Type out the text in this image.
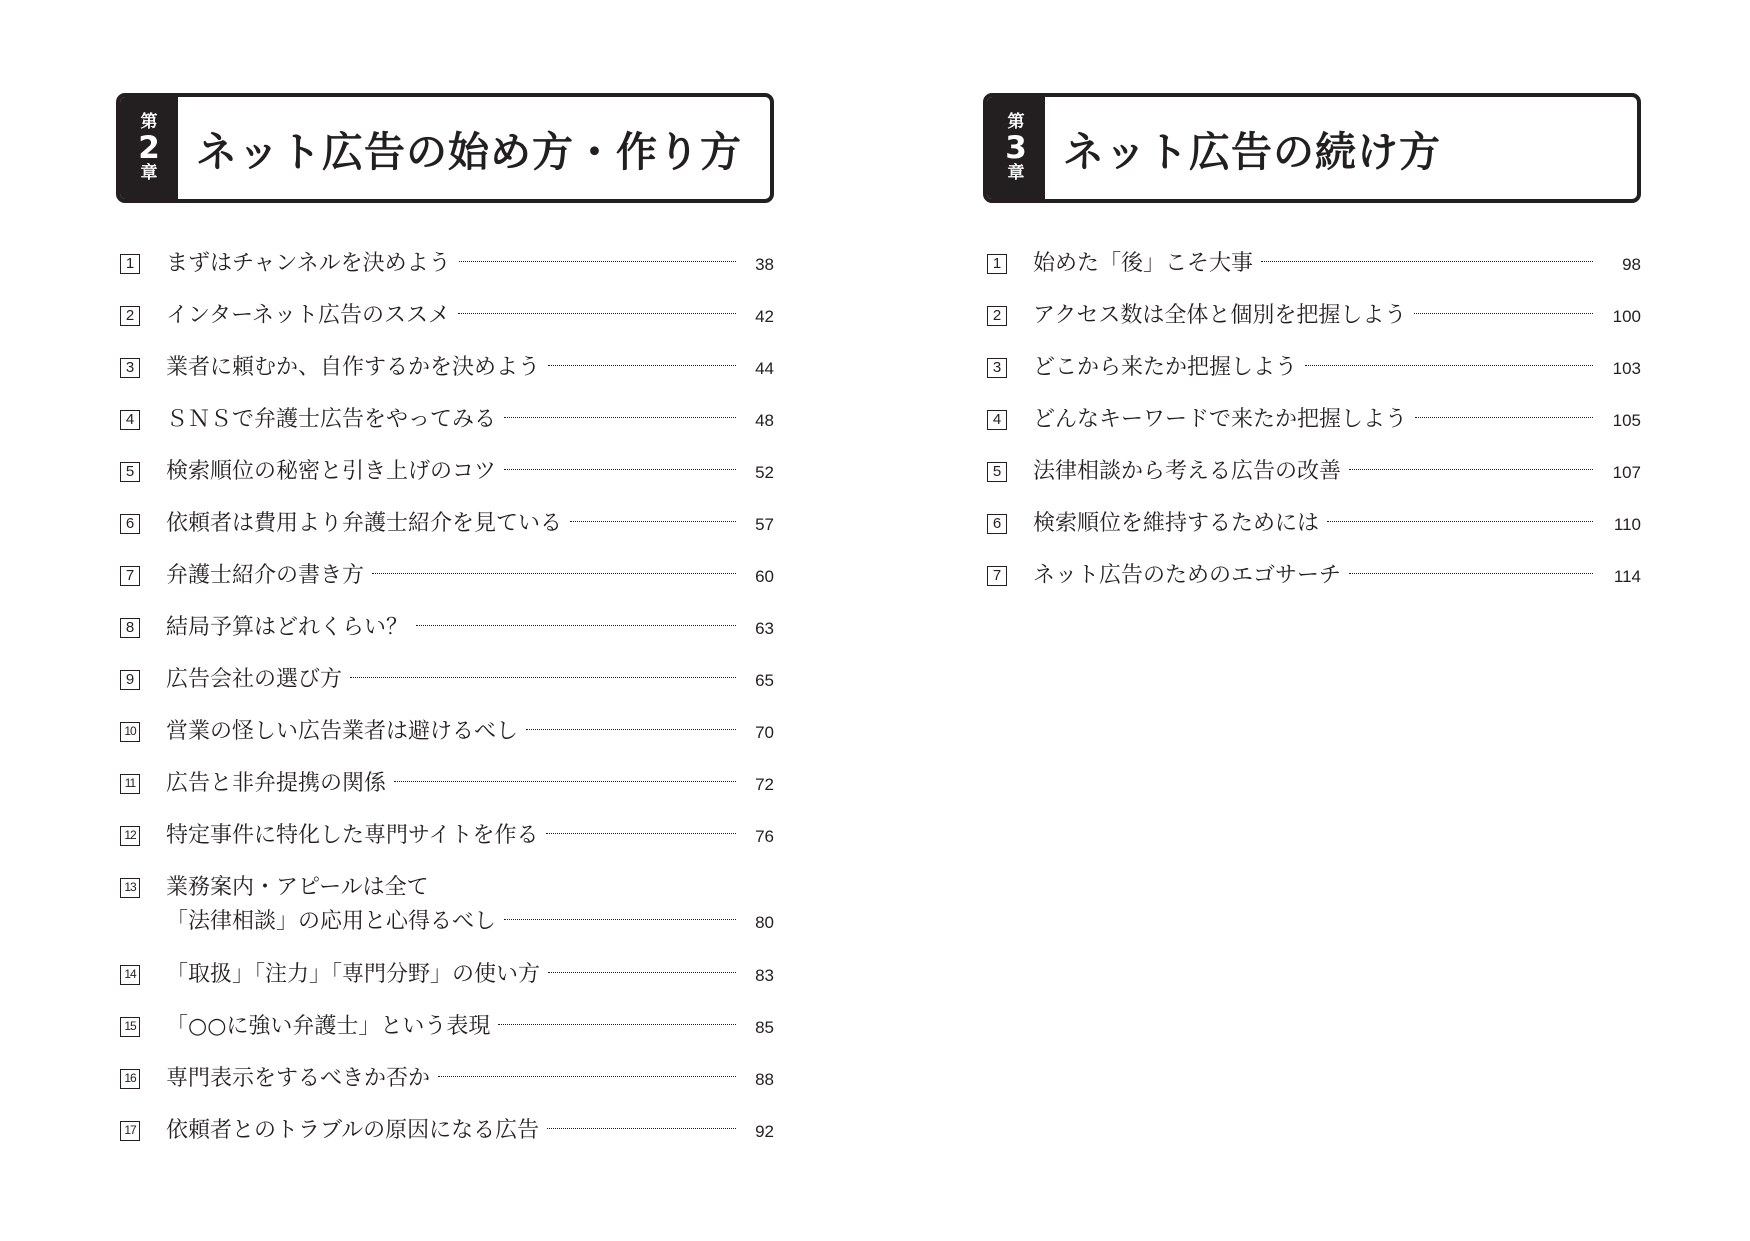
第
2
章 ネット広告の始め方・作り方
1 まずはチャンネルを決めよう	38
2 インターネット広告のススメ	42
3 業者に頼むか、自作するかを決めよう	44
4 ＳＮＳで弁護士広告をやってみる	48
5 検索順位の秘密と引き上げのコツ	52
6 依頼者は費用より弁護士紹介を見ている	57
7 弁護士紹介の書き方	60
8 結局予算はどれくらい？	63
9 広告会社の選び方	65
10 営業の怪しい広告業者は避けるべし	70
11 広告と非弁提携の関係	72
12 特定事件に特化した専門サイトを作る	76
13 業務案内・アピールは全て
「法律相談」の応用と心得るべし	80
14 「取扱」「注力」「専門分野」の使い方	83
15 「○○に強い弁護士」という表現	85
16 専門表示をするべきか否か	88
17 依頼者とのトラブルの原因になる広告	92
第
3
章 ネット広告の続け方
1 始めた「後」こそ大事	98
2 アクセス数は全体と個別を把握しよう	100
3 どこから来たか把握しよう	103
4 どんなキーワードで来たか把握しよう	105
5 法律相談から考える広告の改善	107
6 検索順位を維持するためには	110
7 ネット広告のためのエゴサーチ	114
